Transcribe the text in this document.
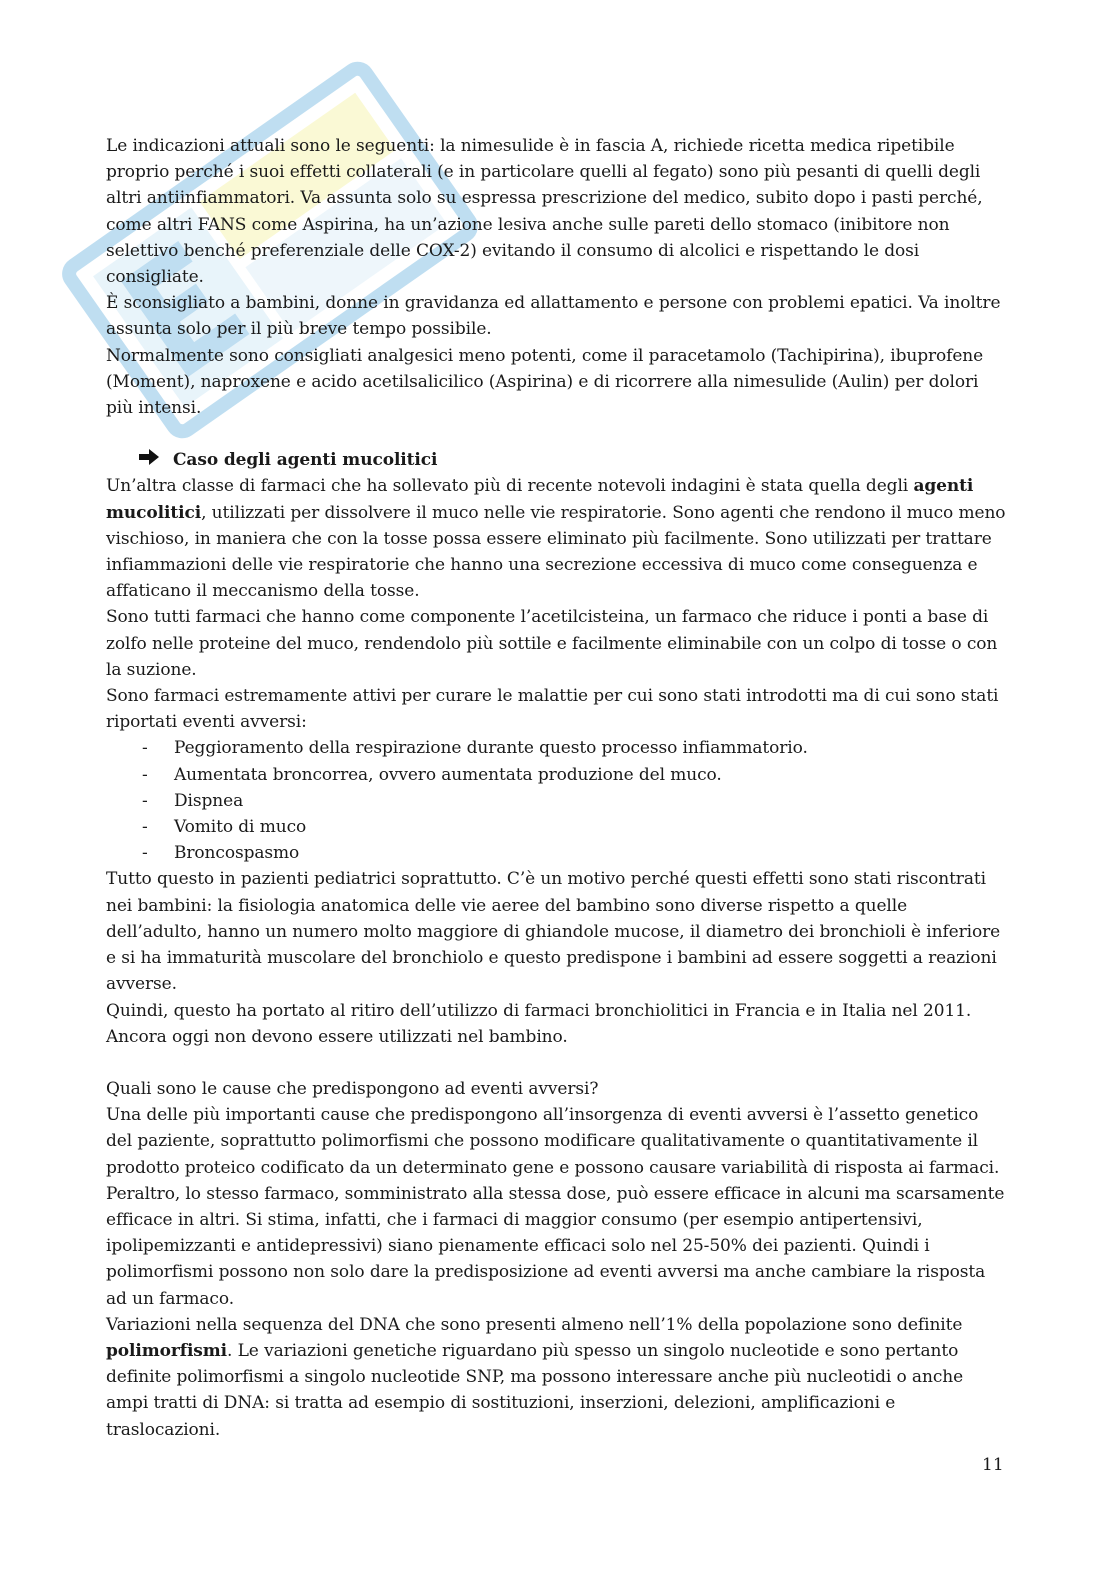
Le indicazioni attuali sono le seguenti: la nimesulide è in fascia A, richiede ricetta medica ripetibile proprio perché i suoi effetti collaterali (e in particolare quelli al fegato) sono più pesanti di quelli degli altri antiinfiammatori. Va assunta solo su espressa prescrizione del medico, subito dopo i pasti perché, come altri FANS come Aspirina, ha un’azione lesiva anche sulle pareti dello stomaco (inibitore non selettivo benché preferenziale delle COX-2) evitando il consumo di alcolici e rispettando le dosi consigliate.

È sconsigliato a bambini, donne in gravidanza ed allattamento e persone con problemi epatici. Va inoltre assunta solo per il più breve tempo possibile.

Normalmente sono consigliati analgesici meno potenti, come il paracetamolo (Tachipirina), ibuprofene (Moment), naproxene e acido acetilsalicilico (Aspirina) e di ricorrere alla nimesulide (Aulin) per dolori più intensi.

Caso degli agenti mucolitici

Un’altra classe di farmaci che ha sollevato più di recente notevoli indagini è stata quella degli agenti mucolitici, utilizzati per dissolvere il muco nelle vie respiratorie. Sono agenti che rendono il muco meno vischioso, in maniera che con la tosse possa essere eliminato più facilmente. Sono utilizzati per trattare infiammazioni delle vie respiratorie che hanno una secrezione eccessiva di muco come conseguenza e affaticano il meccanismo della tosse.

Sono tutti farmaci che hanno come componente l’acetilcisteina, un farmaco che riduce i ponti a base di zolfo nelle proteine del muco, rendendolo più sottile e facilmente eliminabile con un colpo di tosse o con la suzione.

Sono farmaci estremamente attivi per curare le malattie per cui sono stati introdotti ma di cui sono stati riportati eventi avversi:

- Peggioramento della respirazione durante questo processo infiammatorio.
- Aumentata broncorrea, ovvero aumentata produzione del muco.
- Dispnea
- Vomito di muco
- Broncospasmo

Tutto questo in pazienti pediatrici soprattutto. C’è un motivo perché questi effetti sono stati riscontrati nei bambini: la fisiologia anatomica delle vie aeree del bambino sono diverse rispetto a quelle dell’adulto, hanno un numero molto maggiore di ghiandole mucose, il diametro dei bronchioli è inferiore e si ha immaturità muscolare del bronchiolo e questo predispone i bambini ad essere soggetti a reazioni avverse.

Quindi, questo ha portato al ritiro dell’utilizzo di farmaci bronchiolitici in Francia e in Italia nel 2011. Ancora oggi non devono essere utilizzati nel bambino.

Quali sono le cause che predispongono ad eventi avversi?

Una delle più importanti cause che predispongono all’insorgenza di eventi avversi è l’assetto genetico del paziente, soprattutto polimorfismi che possono modificare qualitativamente o quantitativamente il prodotto proteico codificato da un determinato gene e possono causare variabilità di risposta ai farmaci. Peraltro, lo stesso farmaco, somministrato alla stessa dose, può essere efficace in alcuni ma scarsamente efficace in altri. Si stima, infatti, che i farmaci di maggior consumo (per esempio antipertensivi, ipolipemizzanti e antidepressivi) siano pienamente efficaci solo nel 25-50% dei pazienti. Quindi i polimorfismi possono non solo dare la predisposizione ad eventi avversi ma anche cambiare la risposta ad un farmaco.

Variazioni nella sequenza del DNA che sono presenti almeno nell’1% della popolazione sono definite polimorfismi. Le variazioni genetiche riguardano più spesso un singolo nucleotide e sono pertanto definite polimorfismi a singolo nucleotide SNP, ma possono interessare anche più nucleotidi o anche ampi tratti di DNA: si tratta ad esempio di sostituzioni, inserzioni, delezioni, amplificazioni e traslocazioni.

11
